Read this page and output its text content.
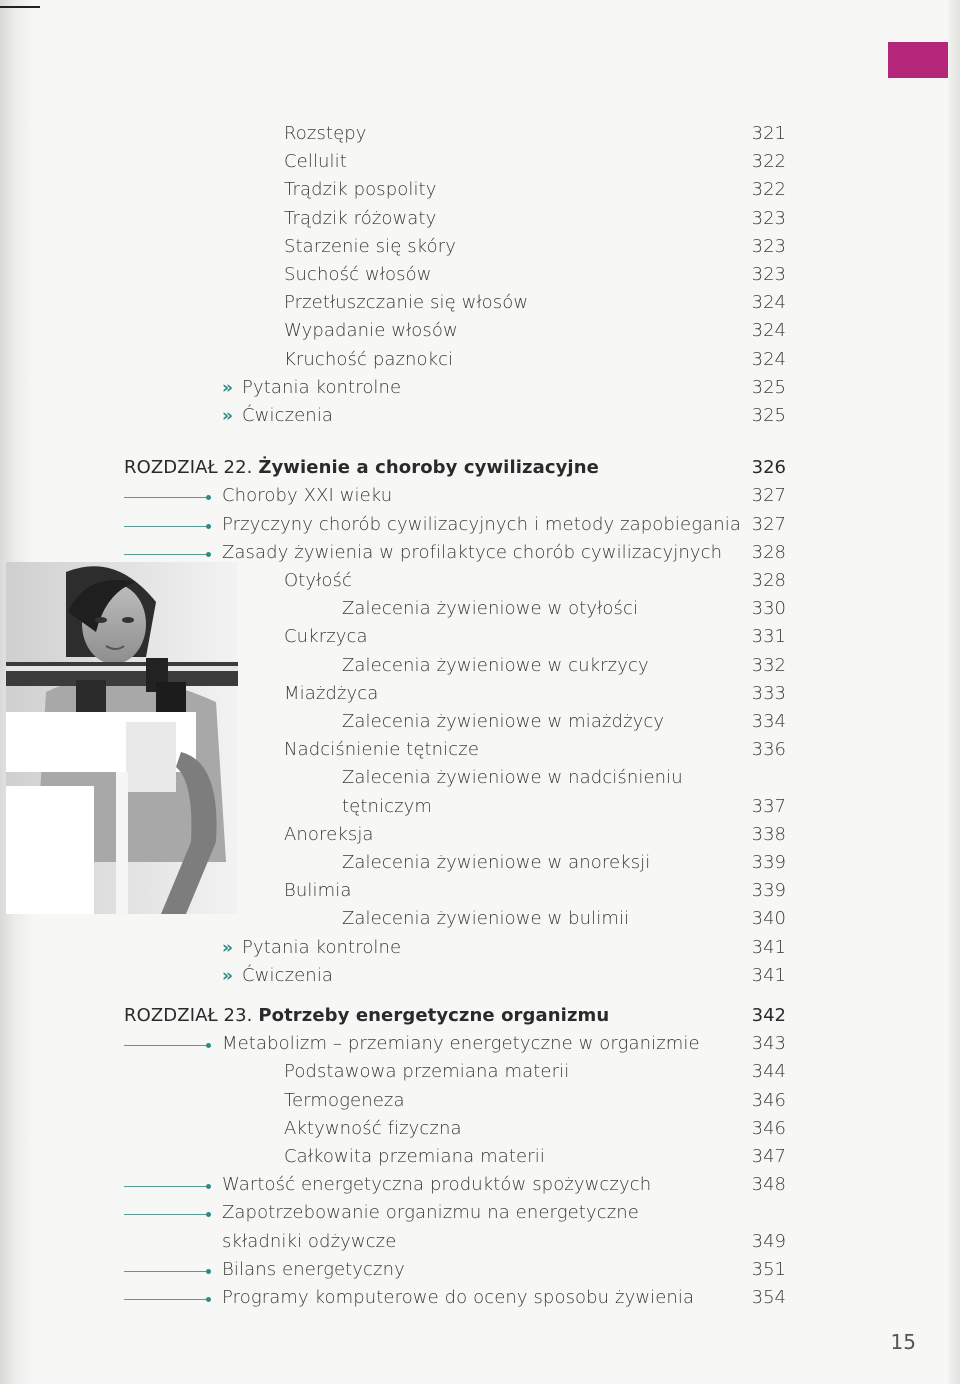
Rozstępy	321
Cellulit	322
Trądzik pospolity	322
Trądzik różowaty	323
Starzenie się skóry	323
Suchość włosów	323
Przetłuszczanie się włosów	324
Wypadanie włosów	324
Kruchość paznokci	324
» Pytania kontrolne	325
» Ćwiczenia	325
ROZDZIAŁ 22. Żywienie a choroby cywilizacyjne	326
Choroby XXI wieku	327
Przyczyny chorób cywilizacyjnych i metody zapobiegania 327
Zasady żywienia w profilaktyce chorób cywilizacyjnych	328
Otyłość	328
Zalecenia żywieniowe w otyłości	330
Cukrzyca	331
Zalecenia żywieniowe w cukrzycy	332
Miażdżyca	333
Zalecenia żywieniowe w miażdżycy	334
Nadciśnienie tętnicze	336
Zalecenia żywieniowe w nadciśnieniu
tętniczym	337
Anoreksja	338
Zalecenia żywieniowe w anoreksji	339
Bulimia	339
Zalecenia żywieniowe w bulimii	340
» Pytania kontrolne	341
» Ćwiczenia	341
ROZDZIAŁ 23. Potrzeby energetyczne organizmu	342
Metabolizm – przemiany energetyczne w organizmie	343
Podstawowa przemiana materii	344
Termogeneza	346
Aktywność fizyczna	346
Całkowita przemiana materii	347
Wartość energetyczna produktów spożywczych	348
Zapotrzebowanie organizmu na energetyczne
składniki odżywcze	349
Bilans energetyczny	351
Programy komputerowe do oceny sposobu żywienia	354
15
